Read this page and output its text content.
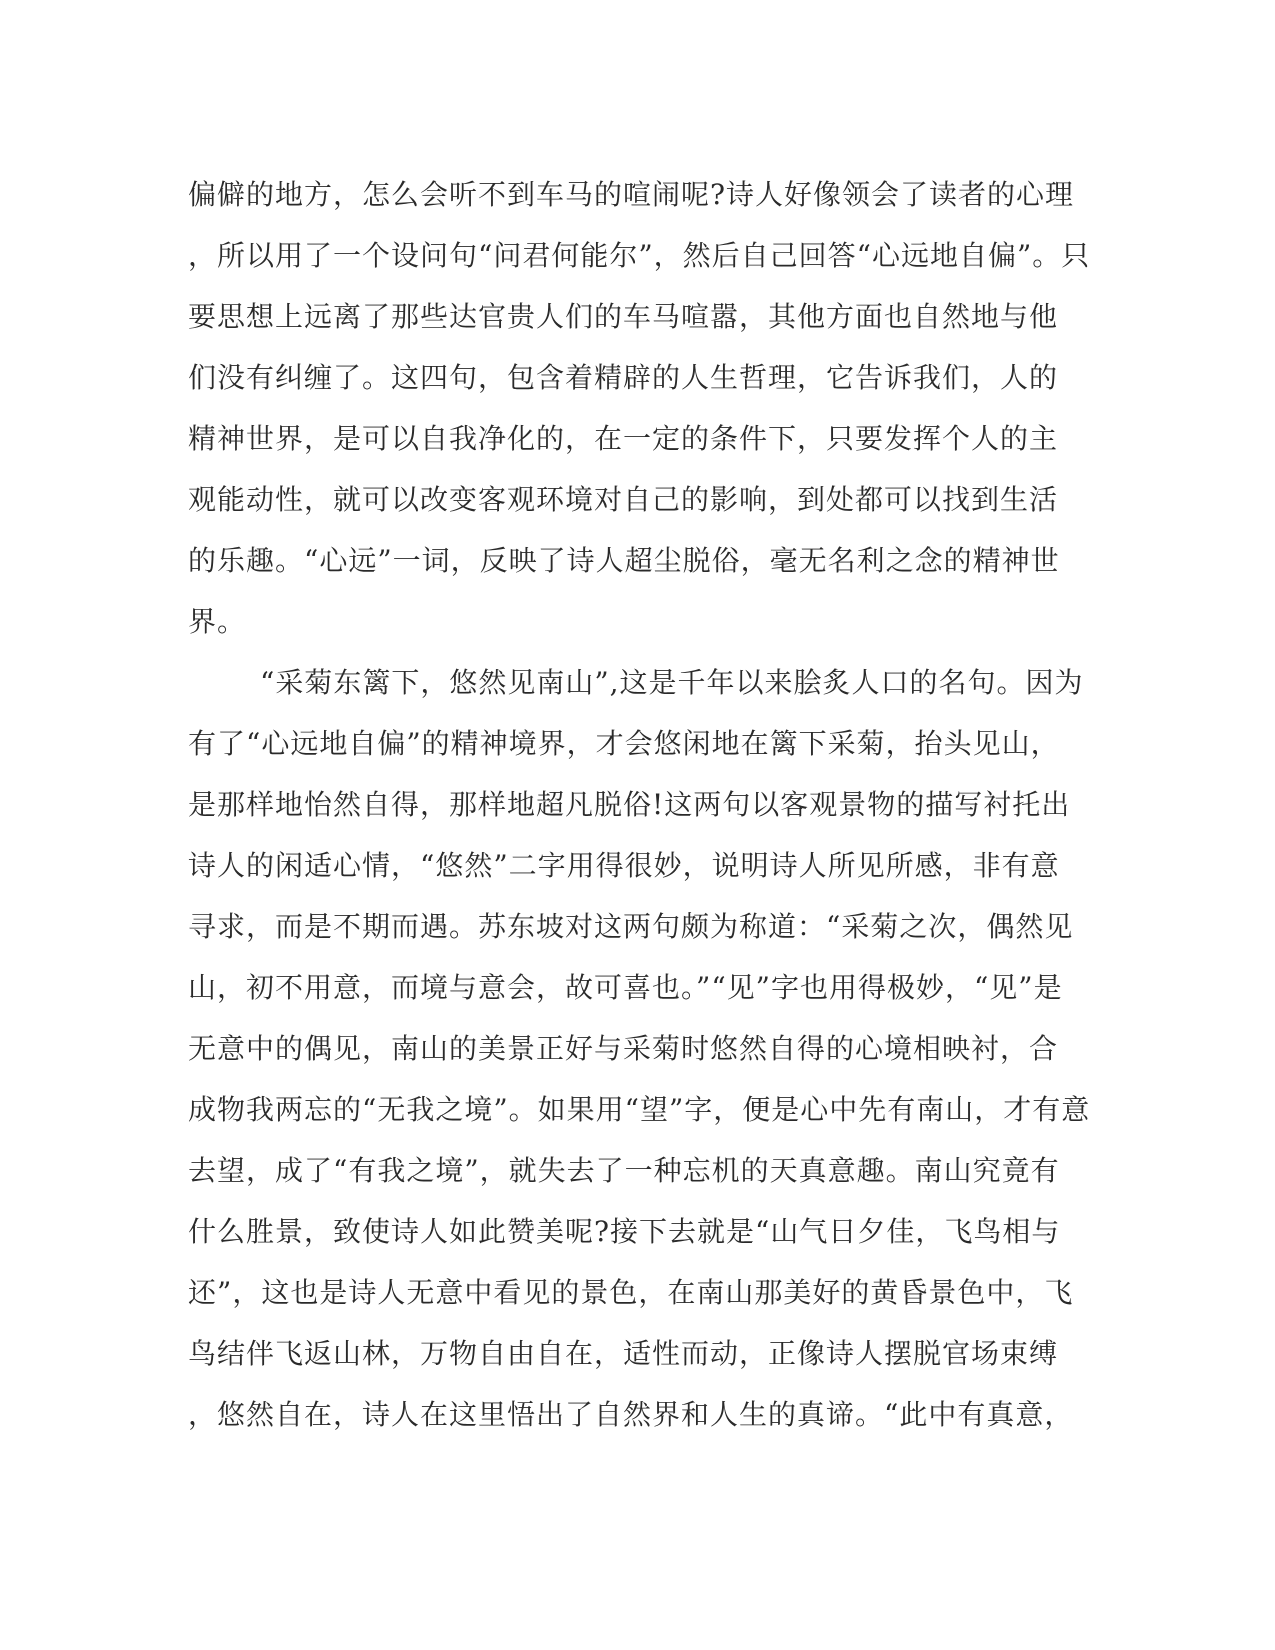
偏僻的地方，怎么会听不到车马的喧闹呢?诗人好像领会了读者的心理
，所以用了一个设问句“问君何能尔”，然后自己回答“心远地自偏”。只
要思想上远离了那些达官贵人们的车马喧嚣，其他方面也自然地与他
们没有纠缠了。这四句，包含着精辟的人生哲理，它告诉我们，人的
精神世界，是可以自我净化的，在一定的条件下，只要发挥个人的主
观能动性，就可以改变客观环境对自己的影响，到处都可以找到生活
的乐趣。“心远”一词，反映了诗人超尘脱俗，毫无名利之念的精神世
界。
“采菊东篱下，悠然见南山”,这是千年以来脍炙人口的名句。因为
有了“心远地自偏”的精神境界，才会悠闲地在篱下采菊，抬头见山，
是那样地怡然自得，那样地超凡脱俗!这两句以客观景物的描写衬托出
诗人的闲适心情，“悠然”二字用得很妙，说明诗人所见所感，非有意
寻求，而是不期而遇。苏东坡对这两句颇为称道：“采菊之次，偶然见
山，初不用意，而境与意会，故可喜也。”“见”字也用得极妙，“见”是
无意中的偶见，南山的美景正好与采菊时悠然自得的心境相映衬，合
成物我两忘的“无我之境”。如果用“望”字，便是心中先有南山，才有意
去望，成了“有我之境”，就失去了一种忘机的天真意趣。南山究竟有
什么胜景，致使诗人如此赞美呢?接下去就是“山气日夕佳，飞鸟相与
还”，这也是诗人无意中看见的景色，在南山那美好的黄昏景色中，飞
鸟结伴飞返山林，万物自由自在，适性而动，正像诗人摆脱官场束缚
，悠然自在，诗人在这里悟出了自然界和人生的真谛。“此中有真意，
